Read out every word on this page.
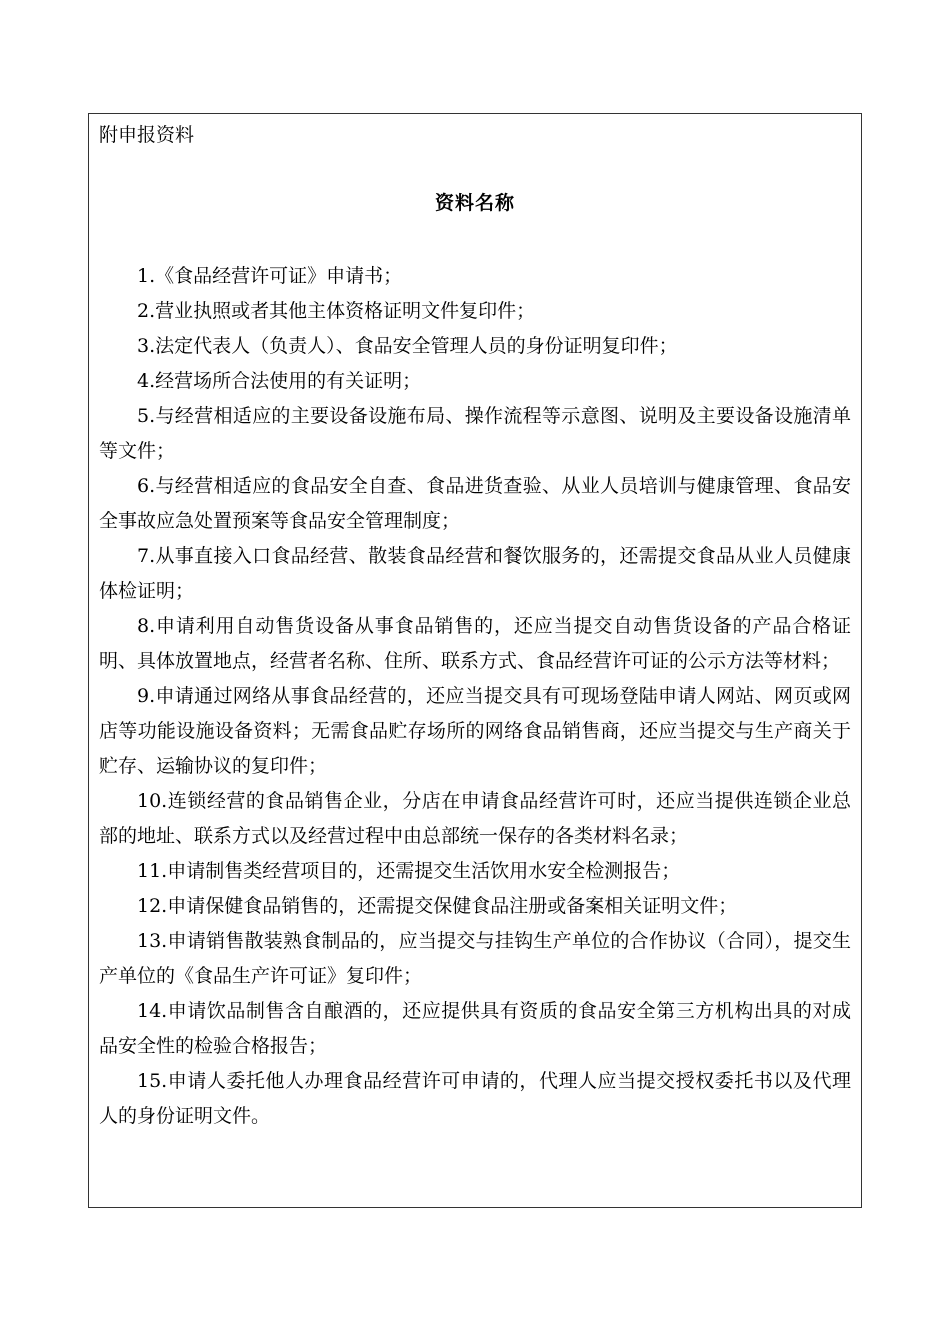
附申报资料
资料名称
1.《食品经营许可证》申请书；
2.营业执照或者其他主体资格证明文件复印件；
3.法定代表人（负责人）、食品安全管理人员的身份证明复印件；
4.经营场所合法使用的有关证明；
5.与经营相适应的主要设备设施布局、操作流程等示意图、说明及主要设备设施清单等文件；
6.与经营相适应的食品安全自查、食品进货查验、从业人员培训与健康管理、食品安全事故应急处置预案等食品安全管理制度；
7.从事直接入口食品经营、散装食品经营和餐饮服务的，还需提交食品从业人员健康体检证明；
8.申请利用自动售货设备从事食品销售的，还应当提交自动售货设备的产品合格证明、具体放置地点，经营者名称、住所、联系方式、食品经营许可证的公示方法等材料；
9.申请通过网络从事食品经营的，还应当提交具有可现场登陆申请人网站、网页或网店等功能设施设备资料；无需食品贮存场所的网络食品销售商，还应当提交与生产商关于贮存、运输协议的复印件；
10.连锁经营的食品销售企业，分店在申请食品经营许可时，还应当提供连锁企业总部的地址、联系方式以及经营过程中由总部统一保存的各类材料名录；
11.申请制售类经营项目的，还需提交生活饮用水安全检测报告；
12.申请保健食品销售的，还需提交保健食品注册或备案相关证明文件；
13.申请销售散装熟食制品的，应当提交与挂钩生产单位的合作协议（合同），提交生产单位的《食品生产许可证》复印件；
14.申请饮品制售含自酿酒的，还应提供具有资质的食品安全第三方机构出具的对成品安全性的检验合格报告；
15.申请人委托他人办理食品经营许可申请的，代理人应当提交授权委托书以及代理人的身份证明文件。
